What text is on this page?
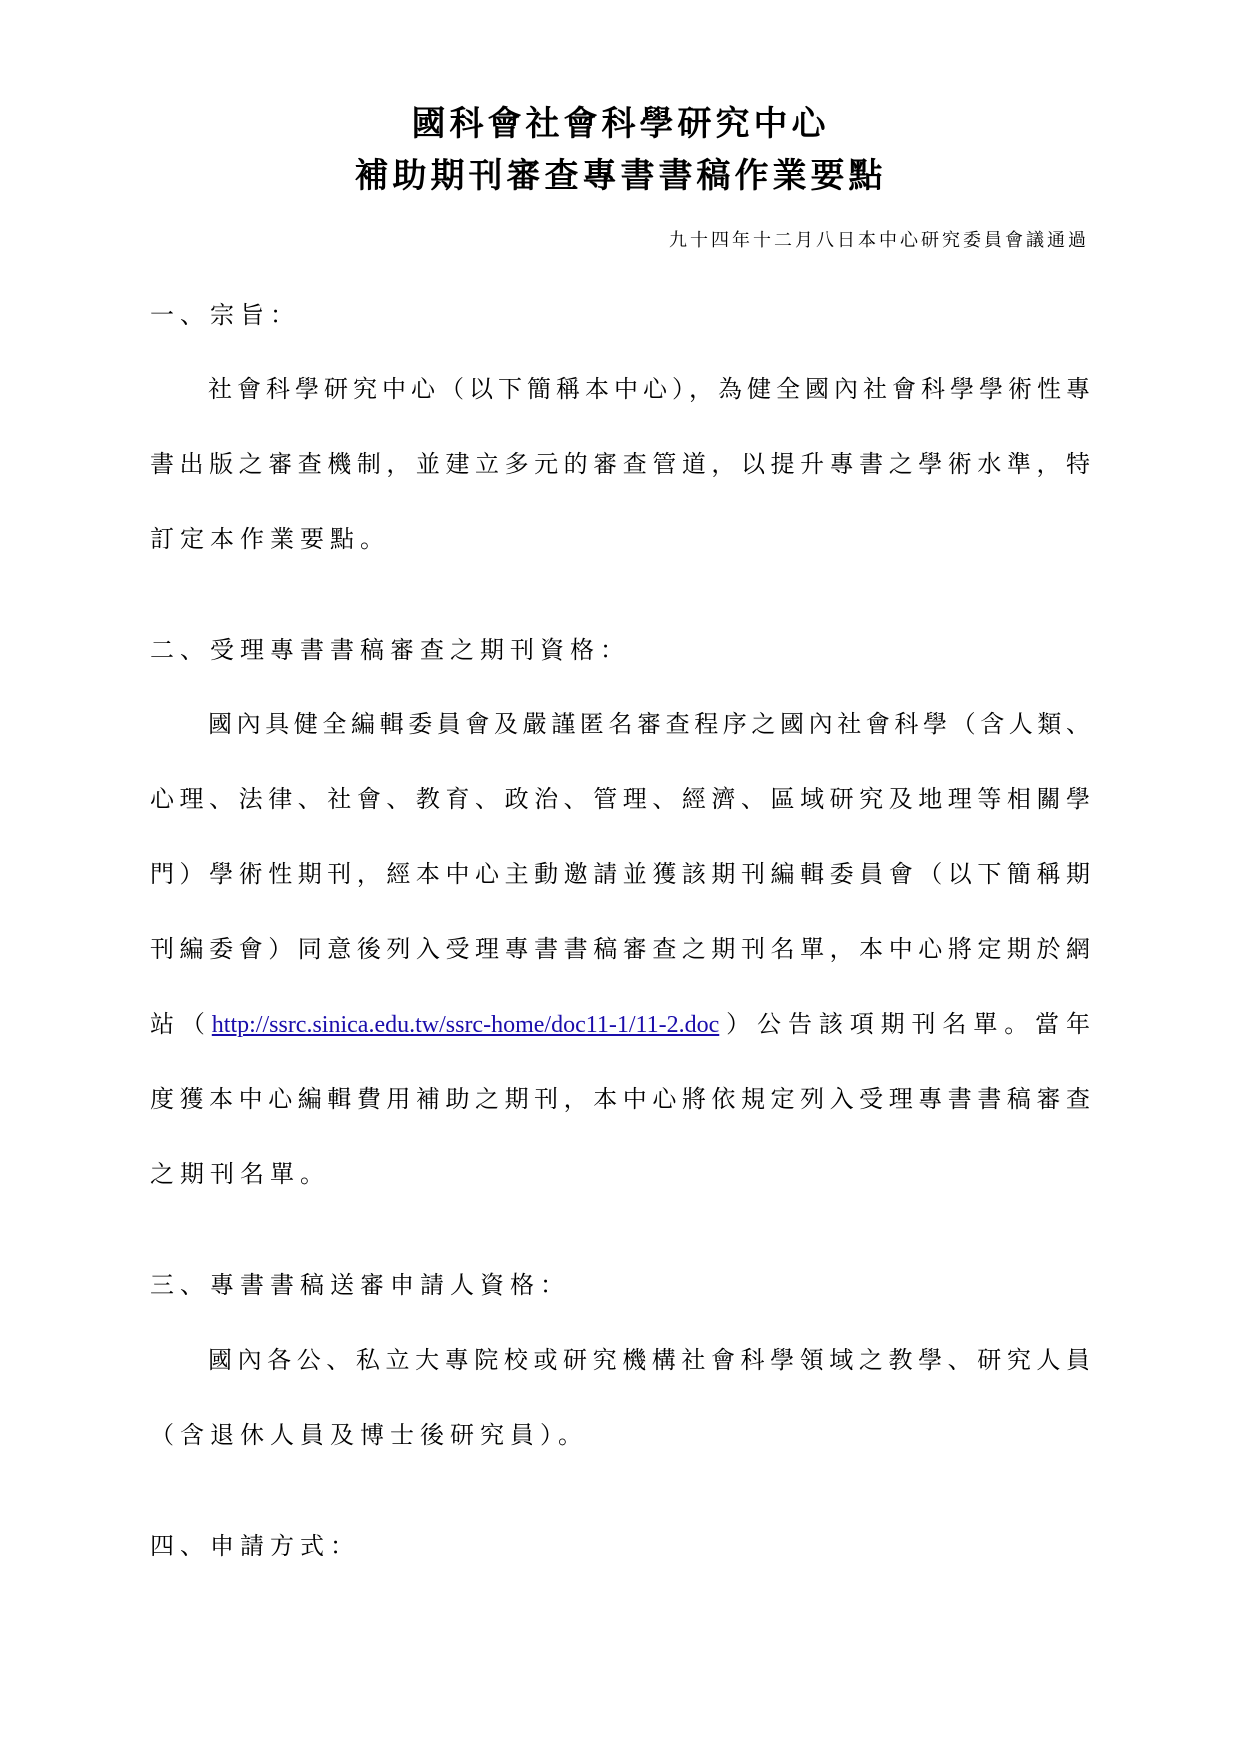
國科會社會科學研究中心
補助期刊審查專書書稿作業要點
九十四年十二月八日本中心研究委員會議通過
一、宗旨：
社會科學研究中心（以下簡稱本中心），為健全國內社會科學學術性專
書出版之審查機制，並建立多元的審查管道，以提升專書之學術水準，特
訂定本作業要點。
二、受理專書書稿審查之期刊資格：
國內具健全編輯委員會及嚴謹匿名審查程序之國內社會科學（含人類、
心理、法律、社會、教育、政治、管理、經濟、區域研究及地理等相關學
門）學術性期刊，經本中心主動邀請並獲該期刊編輯委員會（以下簡稱期
刊編委會）同意後列入受理專書書稿審查之期刊名單，本中心將定期於網
站（http://ssrc.sinica.edu.tw/ssrc-home/doc11-1/11-2.doc）公告該項期刊名單。當年
度獲本中心編輯費用補助之期刊，本中心將依規定列入受理專書書稿審查
之期刊名單。
三、專書書稿送審申請人資格：
國內各公、私立大專院校或研究機構社會科學領域之教學、研究人員
（含退休人員及博士後研究員）。
四、申請方式：
